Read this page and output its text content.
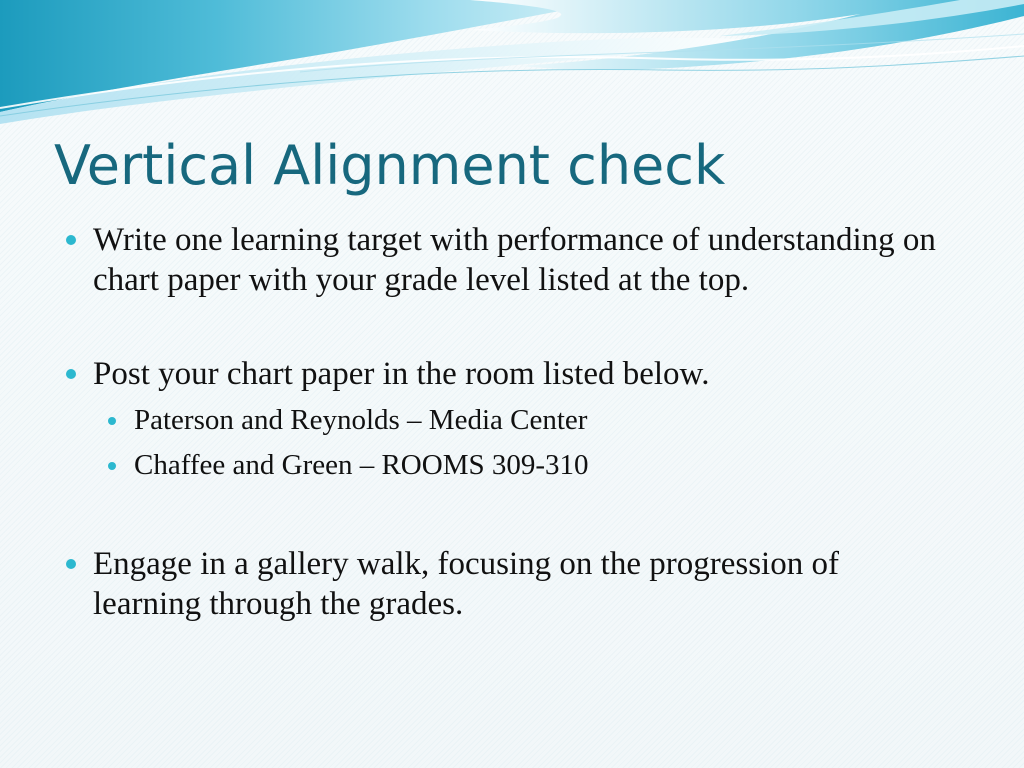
Vertical Alignment check
Write one learning target with performance of understanding on chart paper with your grade level listed at the top.
Post your chart paper in the room listed below.
Paterson and Reynolds – Media Center
Chaffee and Green – ROOMS 309-310
Engage in a gallery walk, focusing on the progression of learning through the grades.
